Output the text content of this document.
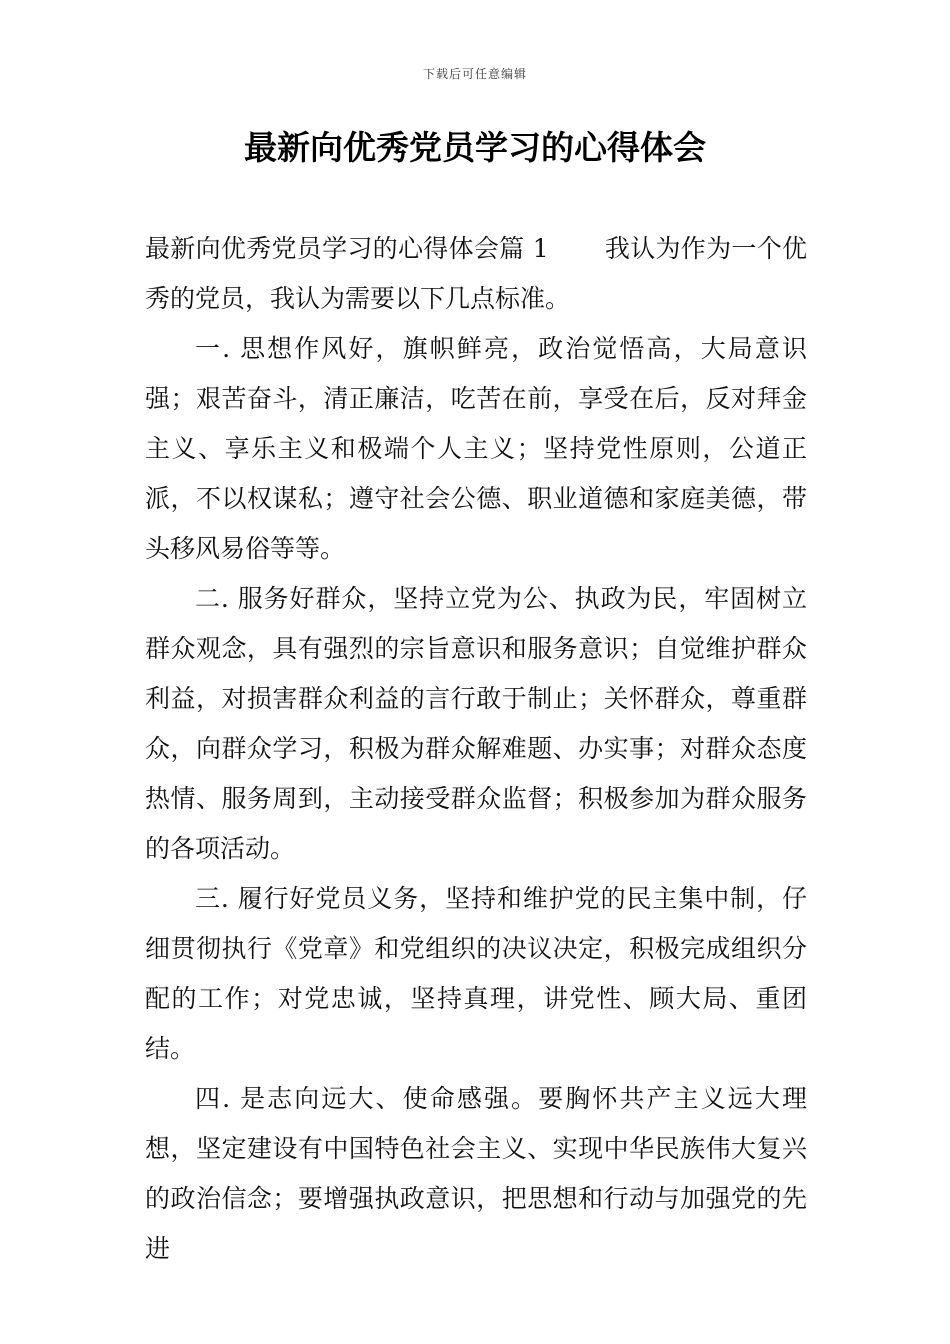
下载后可任意编辑
最新向优秀党员学习的心得体会

最新向优秀党员学习的心得体会篇 1 我认为作为一个优秀的党员，我认为需要以下几点标准。

一. 思想作风好，旗帜鲜亮，政治觉悟高，大局意识强；艰苦奋斗，清正廉洁，吃苦在前，享受在后，反对拜金主义、享乐主义和极端个人主义；坚持党性原则，公道正派，不以权谋私；遵守社会公德、职业道德和家庭美德，带头移风易俗等等。

二. 服务好群众，坚持立党为公、执政为民，牢固树立群众观念，具有强烈的宗旨意识和服务意识；自觉维护群众利益，对损害群众利益的言行敢于制止；关怀群众，尊重群众，向群众学习，积极为群众解难题、办实事；对群众态度热情、服务周到，主动接受群众监督；积极参加为群众服务的各项活动。

三. 履行好党员义务，坚持和维护党的民主集中制，仔细贯彻执行《党章》和党组织的决议决定，积极完成组织分配的工作；对党忠诚，坚持真理，讲党性、顾大局、重团结。

四. 是志向远大、使命感强。要胸怀共产主义远大理想，坚定建设有中国特色社会主义、实现中华民族伟大复兴的政治信念；要增强执政意识，把思想和行动与加强党的先进
